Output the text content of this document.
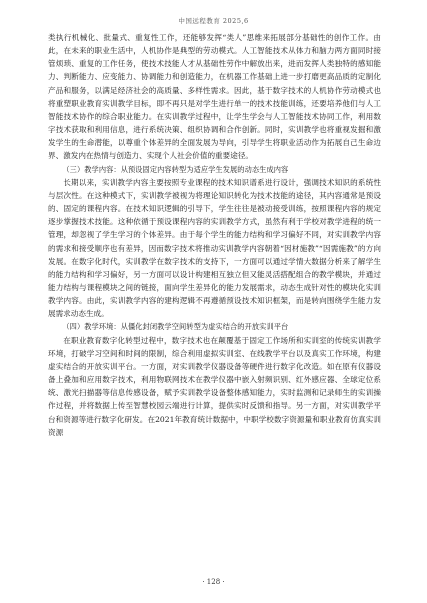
中国远程教育 2025,6

类执行机械化、批量式、重复性工作，还能够发挥“类人”思维来拓展部分基础性的创作工作。由此，在未来的职业生活中，人机协作是典型的劳动模式。人工智能技术从体力和脑力两方面同时接管烦琐、重复的工作任务，使技术技能人才从基础性劳作中解放出来，进而发挥人类独特的感知能力、判断能力、应变能力、协调能力和创造能力，在机器工作基础上进一步打磨更高品质的定制化产品和服务，以满足经济社会的高质量、多样性需求。因此，基于数字技术的人机协作劳动模式也将重塑职业教育实训教学目标，即不再只是对学生进行单一的技术技能训练，还要培养他们与人工智能技术协作的综合职业能力。在实训教学过程中，让学生学会与人工智能技术协同工作，利用数字技术获取和利用信息，进行系统决策、组织协调和合作创新。同时，实训教学也将重视发掘和激发学生的生命潜能，以尊重个体差异的全面发展为导向，引导学生将职业活动作为拓展自己生命边界、激发内在热情与创造力、实现个人社会价值的重要途径。

（三）教学内容：从预设固定内容转型为适应学生发展的动态生成内容

长期以来，实训教学内容主要按照专业课程的技术知识谱系进行设计，强调技术知识的系统性与层次性。在这种模式下，实训教学被视为将理论知识转化为技术技能的途径，其内容通常是预设的、固定的课程内容。在技术知识逻辑的引导下，学生往往是被动接受训练，按照课程内容的规定逐步掌握技术技能。这种依循于预设课程内容的实训教学方式，虽然有利于学校对教学进程的统一管理，却忽视了学生学习的个体差异。由于每个学生的能力结构和学习偏好不同，对实训教学内容的需求和接受顺序也有差异，因而数字技术将推动实训教学内容朝着“因材施教”“因需施教”的方向发展。在数字化时代，实训教学在数字技术的支持下，一方面可以通过学情大数据分析来了解学生的能力结构和学习偏好，另一方面可以设计构建相互独立但又能灵活搭配组合的教学模块，并通过能力结构与课程模块之间的链接，面向学生差异化的能力发展需求，动态生成针对性的模块化实训教学内容。由此，实训教学内容的建构逻辑不再遵循预设技术知识框架，而是转向围绕学生能力发展需求动态生成。

（四）教学环境：从僵化封闭教学空间转型为虚实结合的开放实训平台

在职业教育数字化转型过程中，数字技术也在颠覆基于固定工作场所和实训室的传统实训教学环境，打破学习空间和时间的限制，综合利用虚拟实训室、在线教学平台以及真实工作环境，构建虚实结合的开放实训平台。一方面，对实训教学仪器设备等硬件进行数字化改造。如在原有仪器设备上叠加和应用数字技术，利用物联网技术在教学仪器中嵌入射频识别、红外感应器、全球定位系统、激光扫描器等信息传感设备，赋予实训教学设备整体感知能力，实时监测和记录师生的实训操作过程，并将数据上传至智慧校园云端进行计算，提供实时反馈和指导。另一方面，对实训教学平台和资源等进行数字化研发。在2021年教育统计数据中，中职学校数字资源量和职业教育仿真实训资源

· 128 ·
